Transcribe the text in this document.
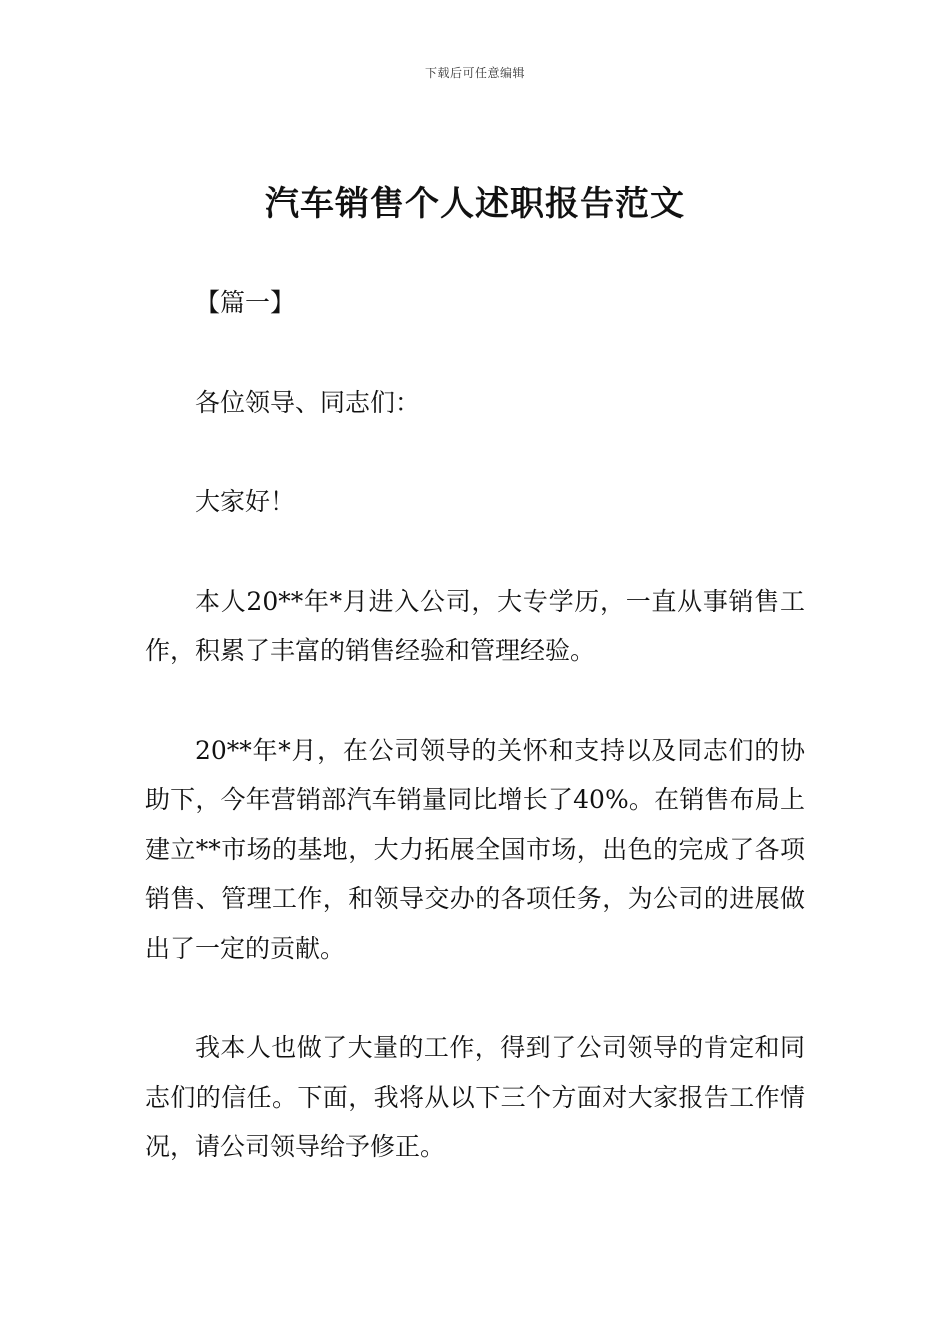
下载后可任意编辑
汽车销售个人述职报告范文

【篇一】

各位领导、同志们：

大家好！

本人20**年*月进入公司，大专学历，一直从事销售工作，积累了丰富的销售经验和管理经验。

20**年*月，在公司领导的关怀和支持以及同志们的协助下，今年营销部汽车销量同比增长了40%。在销售布局上建立**市场的基地，大力拓展全国市场，出色的完成了各项销售、管理工作，和领导交办的各项任务，为公司的进展做出了一定的贡献。

我本人也做了大量的工作，得到了公司领导的肯定和同志们的信任。下面，我将从以下三个方面对大家报告工作情况，请公司领导给予修正。
